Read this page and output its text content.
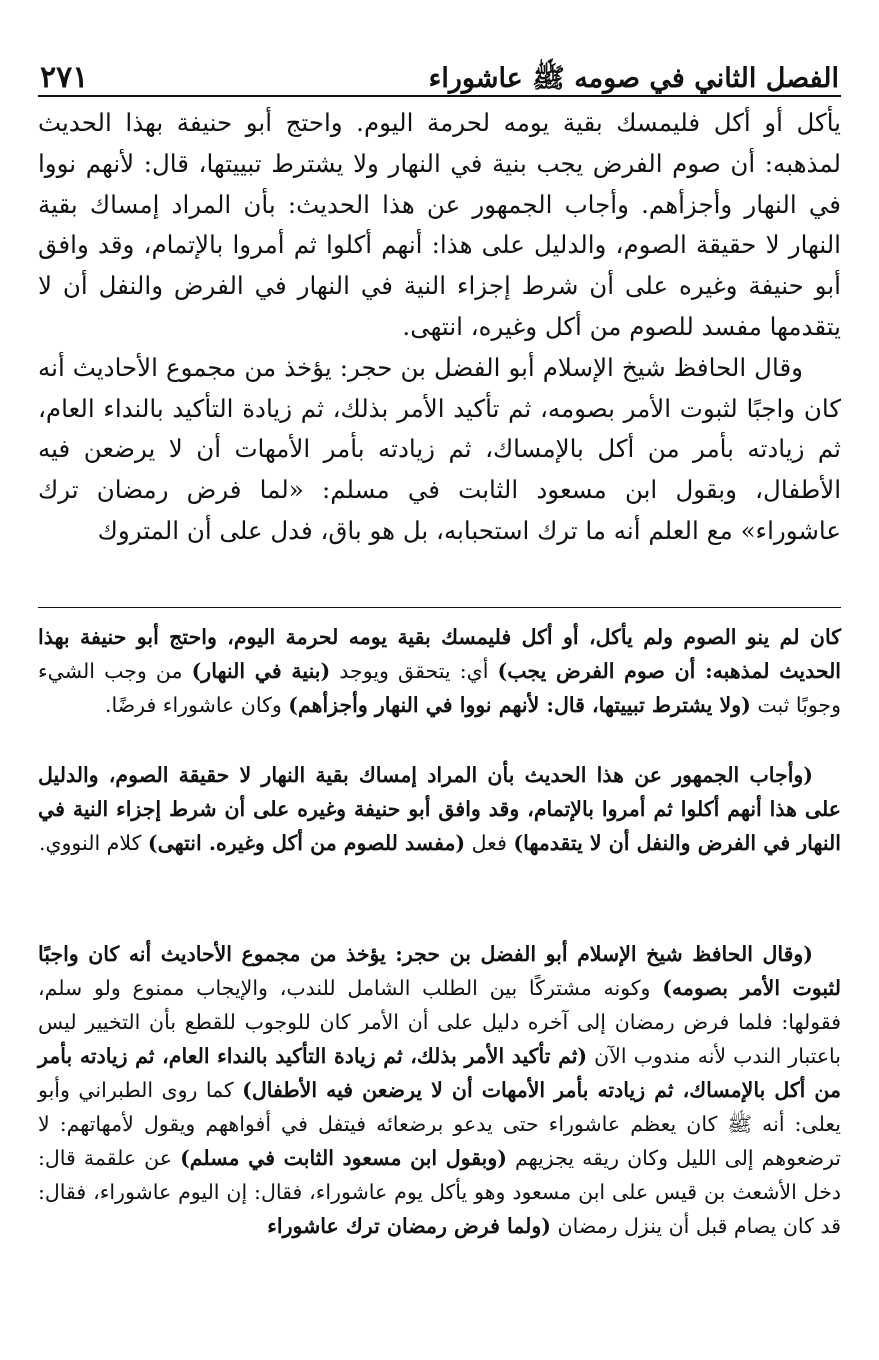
الفصل الثاني في صومه ﷺ عاشوراء
٢٧١

يأكل أو أكل فليمسك بقية يومه لحرمة اليوم. واحتج أبو حنيفة بهذا الحديث لمذهبه: أن صوم الفرض يجب بنية في النهار ولا يشترط تبييتها، قال: لأنهم نووا في النهار وأجزأهم. وأجاب الجمهور عن هذا الحديث: بأن المراد إمساك بقية النهار لا حقيقة الصوم، والدليل على هذا: أنهم أكلوا ثم أمروا بالإتمام، وقد وافق أبو حنيفة وغيره على أن شرط إجزاء النية في النهار في الفرض والنفل أن لا يتقدمها مفسد للصوم من أكل وغيره، انتهى.

وقال الحافظ شيخ الإسلام أبو الفضل بن حجر: يؤخذ من مجموع الأحاديث أنه كان واجبًا لثبوت الأمر بصومه، ثم تأكيد الأمر بذلك، ثم زيادة التأكيد بالنداء العام، ثم زيادته بأمر من أكل بالإمساك، ثم زيادته بأمر الأمهات أن لا يرضعن فيه الأطفال، وبقول ابن مسعود الثابت في مسلم: «لما فرض رمضان ترك عاشوراء» مع العلم أنه ما ترك استحبابه، بل هو باق، فدل على أن المتروك

كان لم ينو الصوم ولم يأكل، أو أكل فليمسك بقية يومه لحرمة اليوم، واحتج أبو حنيفة بهذا الحديث لمذهبه: أن صوم الفرض يجب) أي: يتحقق ويوجد (بنية في النهار) من وجب الشيء وجوبًا ثبت (ولا يشترط تبييتها، قال: لأنهم نووا في النهار وأجزأهم) وكان عاشوراء فرضًا.

(وأجاب الجمهور عن هذا الحديث بأن المراد إمساك بقية النهار لا حقيقة الصوم، والدليل على هذا أنهم أكلوا ثم أمروا بالإتمام، وقد وافق أبو حنيفة وغيره على أن شرط إجزاء النية في النهار في الفرض والنفل أن لا يتقدمها) فعل (مفسد للصوم من أكل وغيره. انتهى) كلام النووي.

(وقال الحافظ شيخ الإسلام أبو الفضل بن حجر: يؤخذ من مجموع الأحاديث أنه كان واجبًا لثبوت الأمر بصومه) وكونه مشتركًا بين الطلب الشامل للندب، والإيجاب ممنوع ولو سلم، فقولها: فلما فرض رمضان إلى آخره دليل على أن الأمر كان للوجوب للقطع بأن التخيير ليس باعتبار الندب لأنه مندوب الآن (ثم تأكيد الأمر بذلك، ثم زيادة التأكيد بالنداء العام، ثم زيادته بأمر من أكل بالإمساك، ثم زيادته بأمر الأمهات أن لا يرضعن فيه الأطفال) كما روى الطبراني وأبو يعلى: أنه ﷺ كان يعظم عاشوراء حتى يدعو برضعائه فيتفل في أفواههم ويقول لأمهاتهم: لا ترضعوهم إلى الليل وكان ريقه يجزيهم (وبقول ابن مسعود الثابت في مسلم) عن علقمة قال: دخل الأشعث بن قيس على ابن مسعود وهو يأكل يوم عاشوراء، فقال: إن اليوم عاشوراء، فقال: قد كان يصام قبل أن ينزل رمضان (ولما فرض رمضان ترك عاشوراء
